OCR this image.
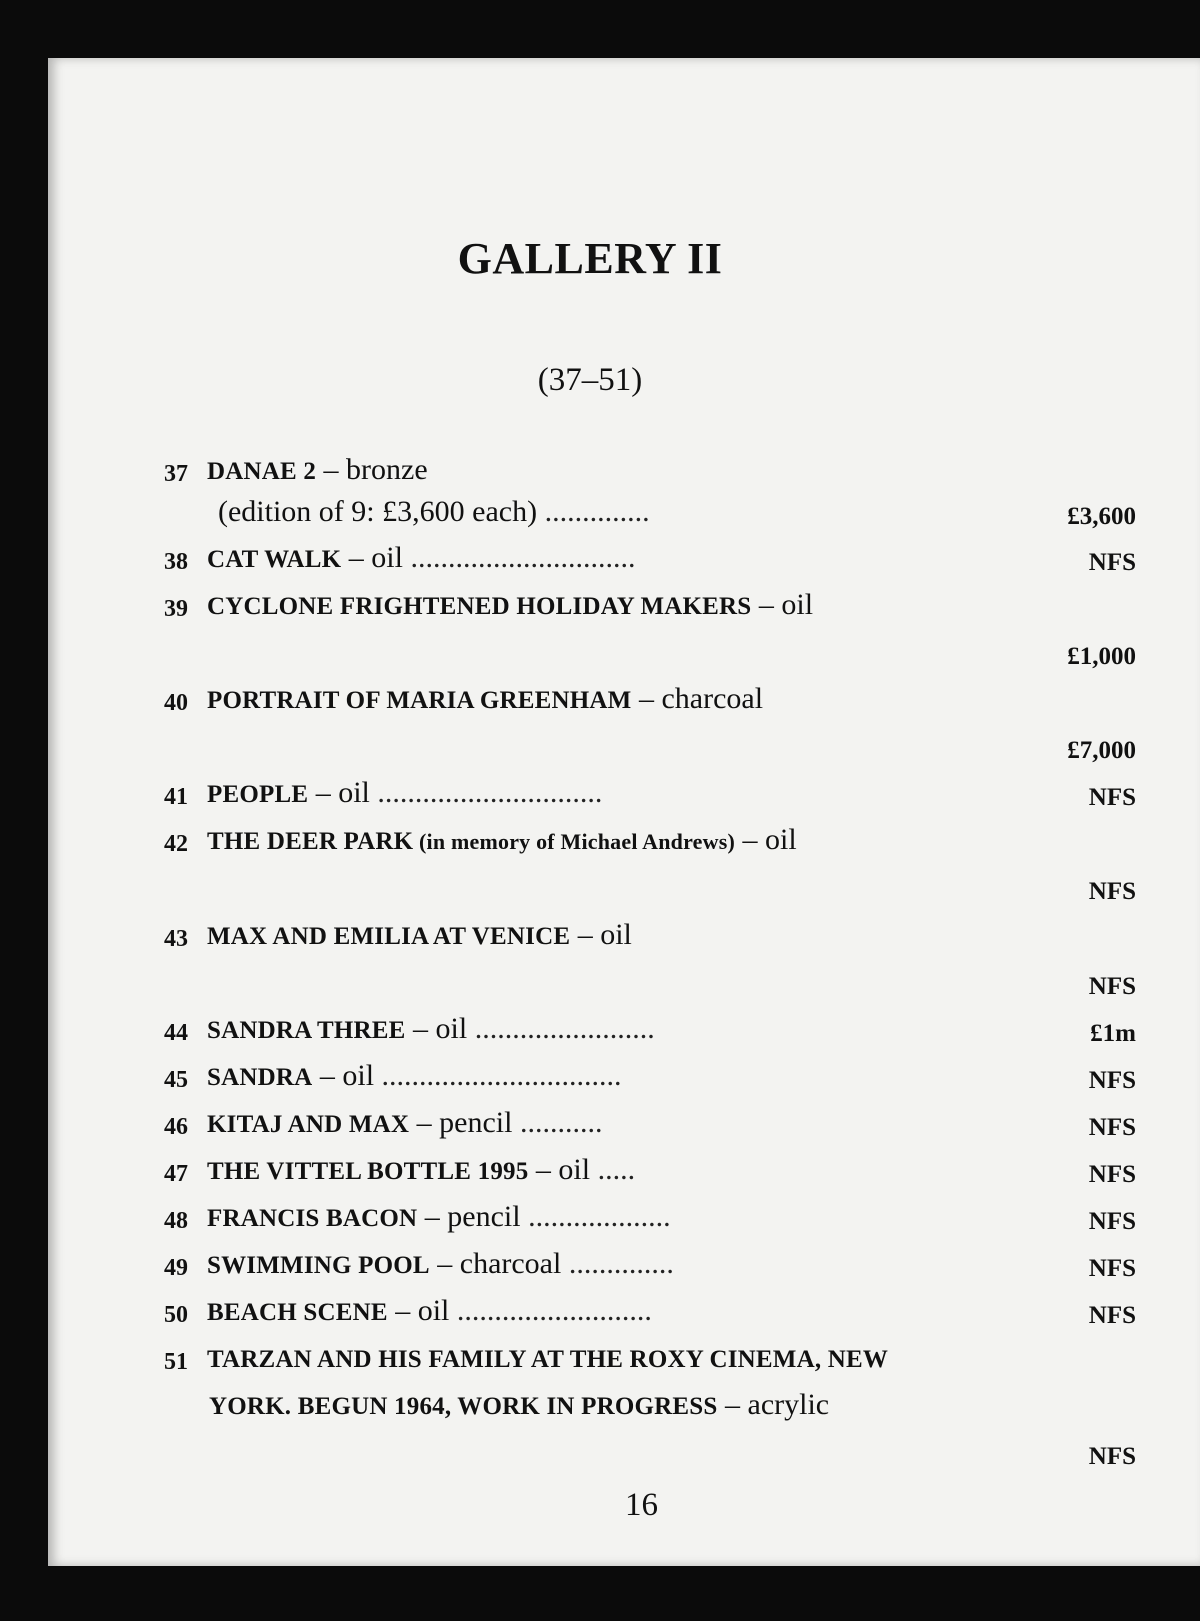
GALLERY II
(37–51)
37 DANAE 2 – bronze
(edition of 9: £3,600 each) ..............	£3,600
38 CAT WALK – oil ..............................	NFS
39 CYCLONE FRIGHTENED HOLIDAY MAKERS – oil
£1,000
40 PORTRAIT OF MARIA GREENHAM – charcoal
£7,000
41 PEOPLE – oil ..............................	NFS
42 THE DEER PARK (in memory of Michael Andrews) – oil
NFS
43 MAX AND EMILIA AT VENICE – oil
NFS
44 SANDRA THREE – oil ........................	£1m
45 SANDRA – oil ................................	NFS
46 KITAJ AND MAX – pencil ...........	NFS
47 THE VITTEL BOTTLE 1995 – oil .....	NFS
48 FRANCIS BACON – pencil ...................	NFS
49 SWIMMING POOL – charcoal ..............	NFS
50 BEACH SCENE – oil ..........................	NFS
51 TARZAN AND HIS FAMILY AT THE ROXY CINEMA, NEW
YORK. BEGUN 1964, WORK IN PROGRESS – acrylic
NFS
16
